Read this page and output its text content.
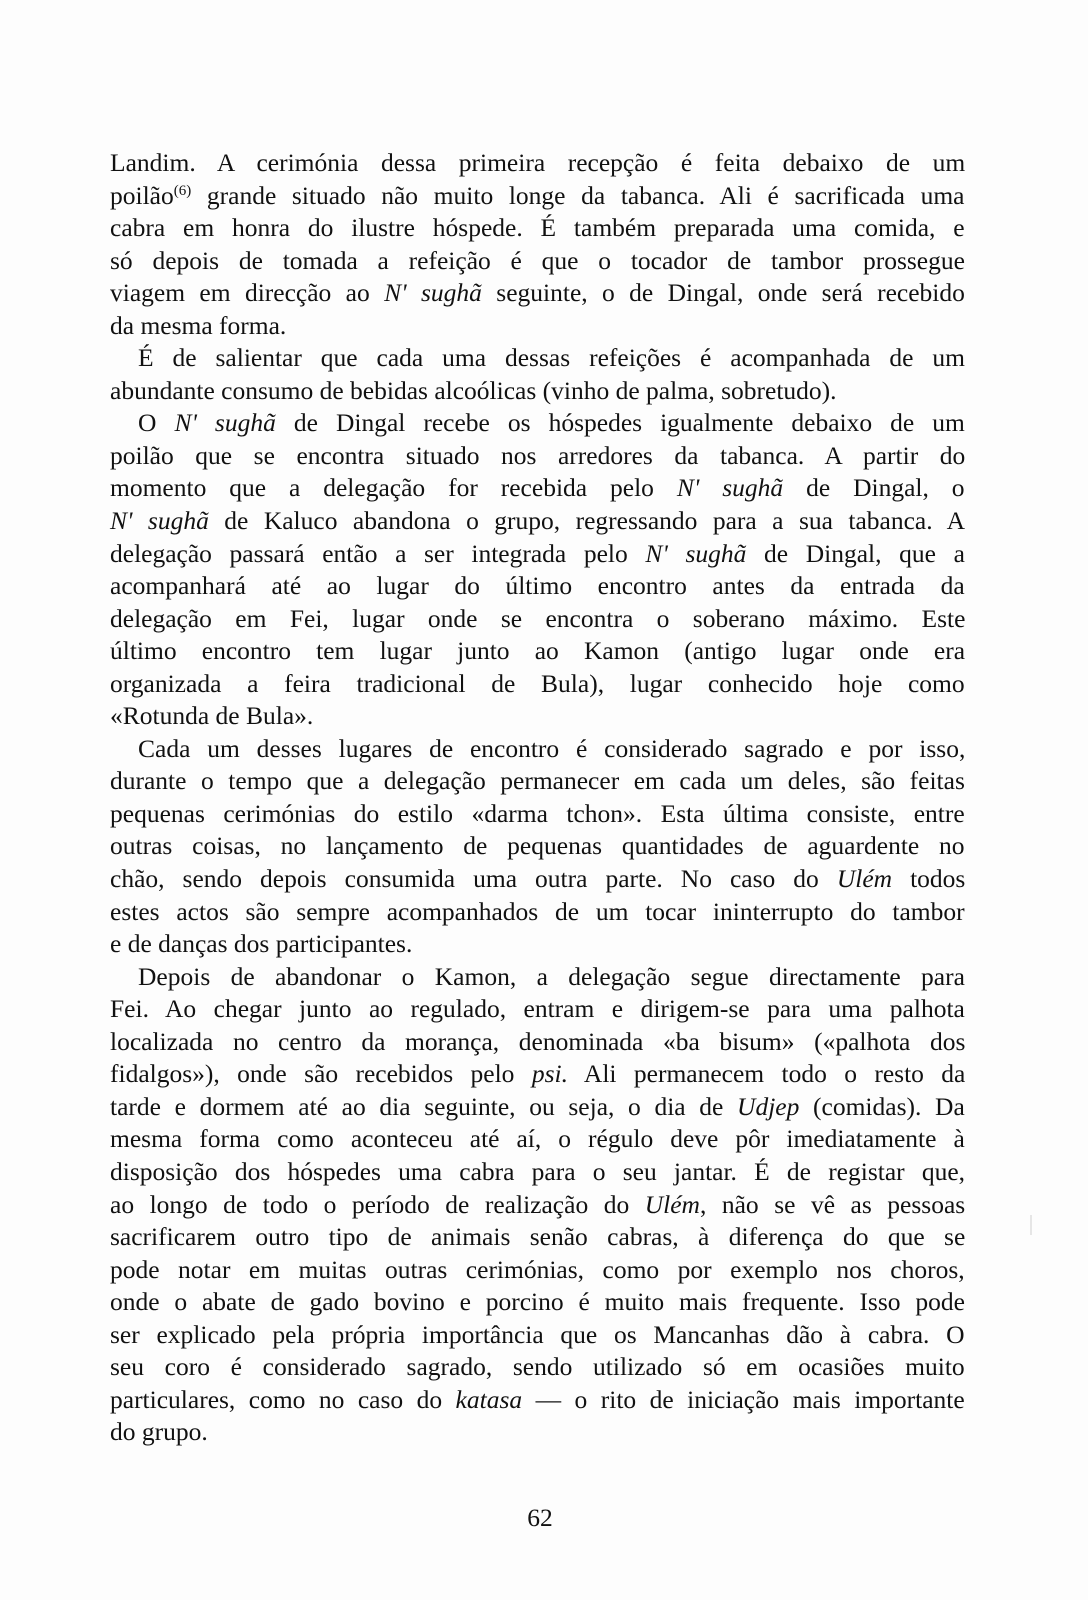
Landim. A cerimónia dessa primeira recepção é feita debaixo de um
poilão$^{(6)}$ grande situado não muito longe da tabanca. Ali é sacrificada uma
cabra em honra do ilustre hóspede. É também preparada uma comida, e
só depois de tomada a refeição é que o tocador de tambor prossegue
viagem em direcção ao N' sughã seguinte, o de Dingal, onde será recebido
da mesma forma.
É de salientar que cada uma dessas refeições é acompanhada de um
abundante consumo de bebidas alcoólicas (vinho de palma, sobretudo).
O N' sughã de Dingal recebe os hóspedes igualmente debaixo de um
poilão que se encontra situado nos arredores da tabanca. A partir do
momento que a delegação for recebida pelo N' sughã de Dingal, o
N' sughã de Kaluco abandona o grupo, regressando para a sua tabanca. A
delegação passará então a ser integrada pelo N' sughã de Dingal, que a
acompanhará até ao lugar do último encontro antes da entrada da
delegação em Fei, lugar onde se encontra o soberano máximo. Este
último encontro tem lugar junto ao Kamon (antigo lugar onde era
organizada a feira tradicional de Bula), lugar conhecido hoje como
«Rotunda de Bula».
Cada um desses lugares de encontro é considerado sagrado e por isso,
durante o tempo que a delegação permanecer em cada um deles, são feitas
pequenas cerimónias do estilo «darma tchon». Esta última consiste, entre
outras coisas, no lançamento de pequenas quantidades de aguardente no
chão, sendo depois consumida uma outra parte. No caso do Ulém todos
estes actos são sempre acompanhados de um tocar ininterrupto do tambor
e de danças dos participantes.
Depois de abandonar o Kamon, a delegação segue directamente para
Fei. Ao chegar junto ao regulado, entram e dirigem-se para uma palhota
localizada no centro da morança, denominada «ba bisum» («palhota dos
fidalgos»), onde são recebidos pelo psi. Ali permanecem todo o resto da
tarde e dormem até ao dia seguinte, ou seja, o dia de Udjep (comidas). Da
mesma forma como aconteceu até aí, o régulo deve pôr imediatamente à
disposição dos hóspedes uma cabra para o seu jantar. É de registar que,
ao longo de todo o período de realização do Ulém, não se vê as pessoas
sacrificarem outro tipo de animais senão cabras, à diferença do que se
pode notar em muitas outras cerimónias, como por exemplo nos choros,
onde o abate de gado bovino e porcino é muito mais frequente. Isso pode
ser explicado pela própria importância que os Mancanhas dão à cabra. O
seu coro é considerado sagrado, sendo utilizado só em ocasiões muito
particulares, como no caso do katasa — o rito de iniciação mais importante
do grupo.
62
